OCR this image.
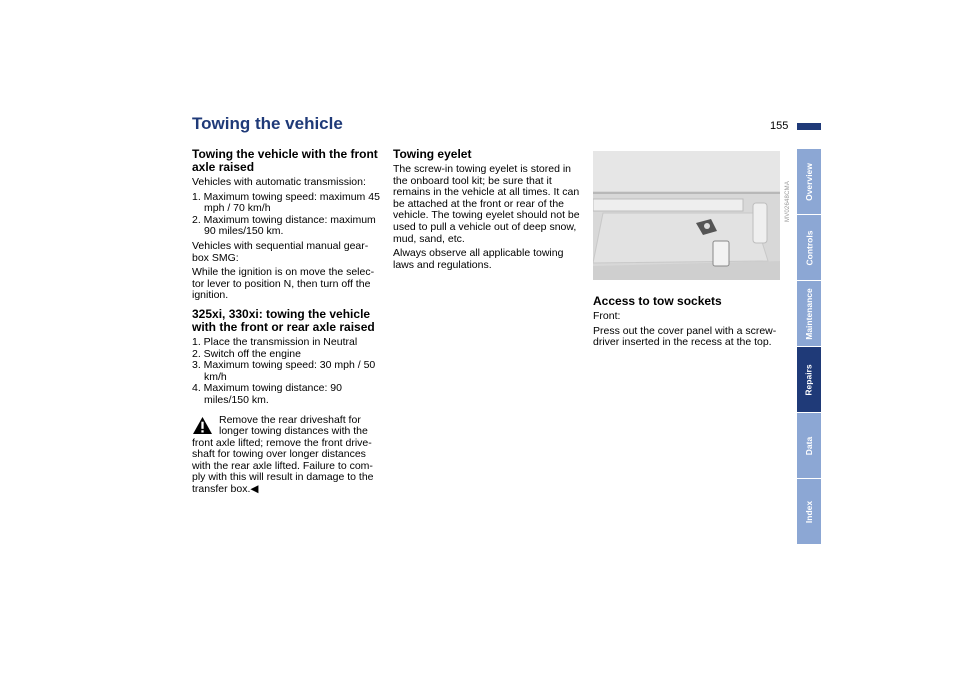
Towing the vehicle	155
Towing the vehicle with the front axle raised

Vehicles with automatic transmission:

1. Maximum towing speed: maximum 45 mph / 70 km/h
2. Maximum towing distance: maximum 90 miles/150 km.

Vehicles with sequential manual gear-box SMG:

While the ignition is on move the selec-tor lever to position N, then turn off the ignition.

325xi, 330xi: towing the vehicle with the front or rear axle raised
1. Place the transmission in Neutral
2. Switch off the engine
3. Maximum towing speed: 30 mph / 50 km/h
4. Maximum towing distance: 90 miles/150 km.

Remove the rear driveshaft for longer towing distances with the front axle lifted; remove the front drive-shaft for towing over longer distances with the rear axle lifted. Failure to com-ply with this will result in damage to the transfer box.◀

Towing eyelet

The screw-in towing eyelet is stored in the onboard tool kit; be sure that it remains in the vehicle at all times. It can be attached at the front or rear of the vehicle. The towing eyelet should not be used to pull a vehicle out of deep snow, mud, sand, etc.

Always observe all applicable towing laws and regulations.

MV02648CMA
Access to tow sockets

Front:

Press out the cover panel with a screw-driver inserted in the recess at the top.

Overview
Controls
Maintenance
Repairs
Data
Index
